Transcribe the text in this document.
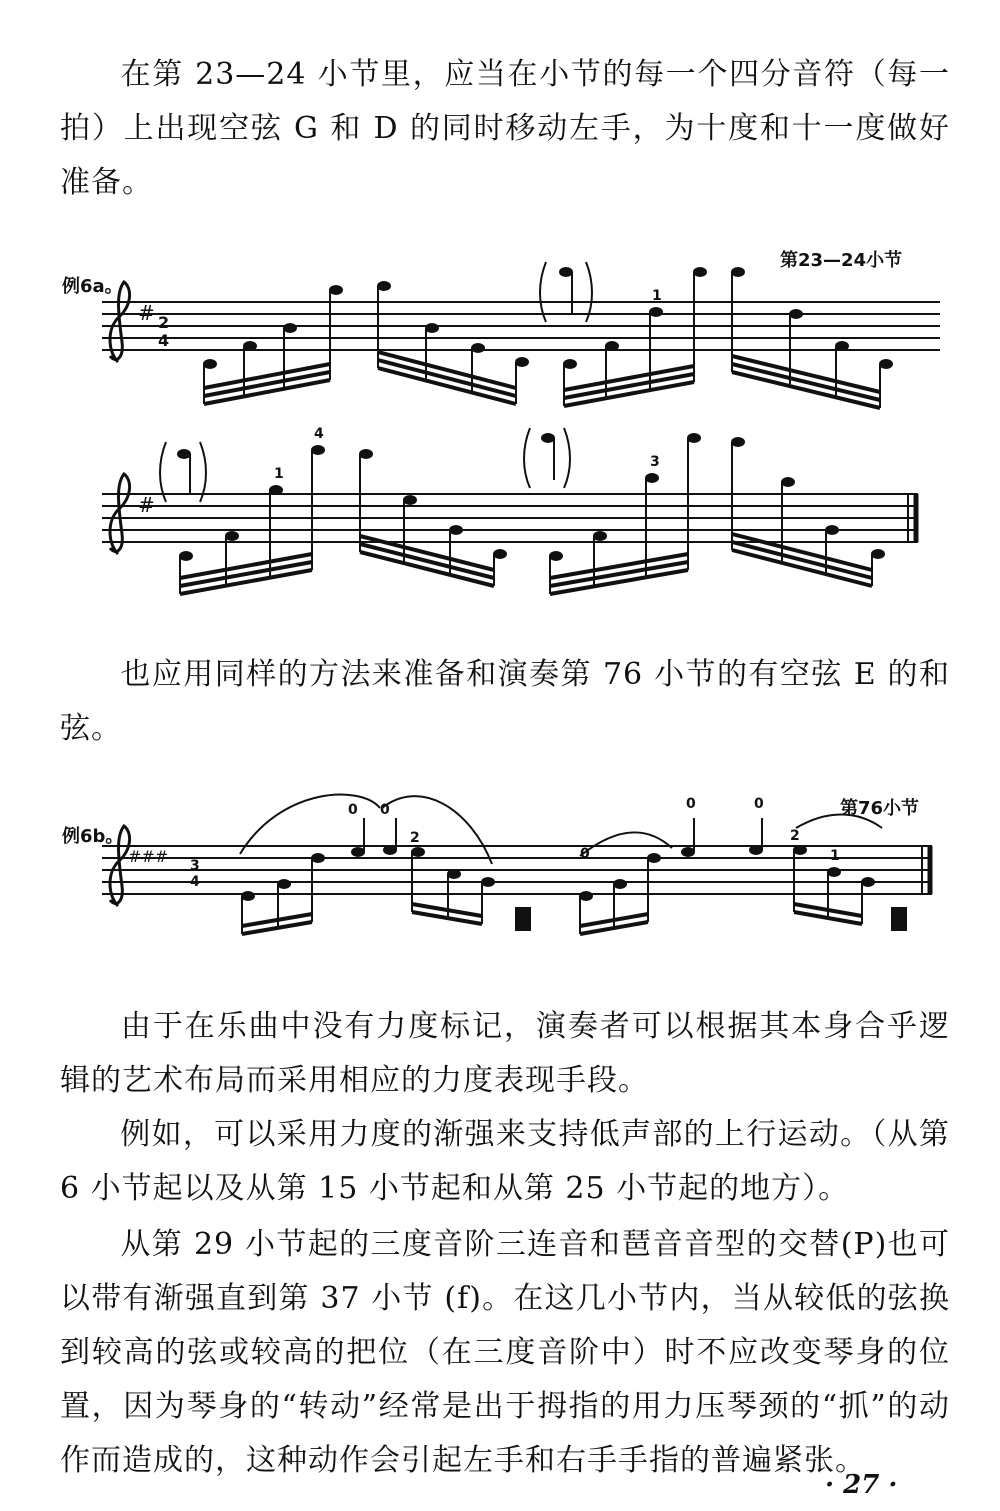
在第 23—24 小节里，应当在小节的每一个四分音符（每一拍）上出现空弦 G 和 D 的同时移动左手，为十度和十一度做好准备。

例6a。
第23—24小节
# 2
4
#
1
1
4
3

也应用同样的方法来准备和演奏第 76 小节的有空弦 E 的和弦。

例6b。
第76小节
### 3
4
0 0
2
0
0	0
2
1

由于在乐曲中没有力度标记，演奏者可以根据其本身合乎逻辑的艺术布局而采用相应的力度表现手段。

例如，可以采用力度的渐强来支持低声部的上行运动。（从第 6 小节起以及从第 15 小节起和从第 25 小节起的地方）。

从第 29 小节起的三度音阶三连音和琶音音型的交替(P)也可以带有渐强直到第 37 小节 (f)。在这几小节内，当从较低的弦换到较高的弦或较高的把位（在三度音阶中）时不应改变琴身的位置，因为琴身的“转动”经常是出于拇指的用力压琴颈的“抓”的动作而造成的，这种动作会引起左手和右手手指的普遍紧张。

· 27 ·
